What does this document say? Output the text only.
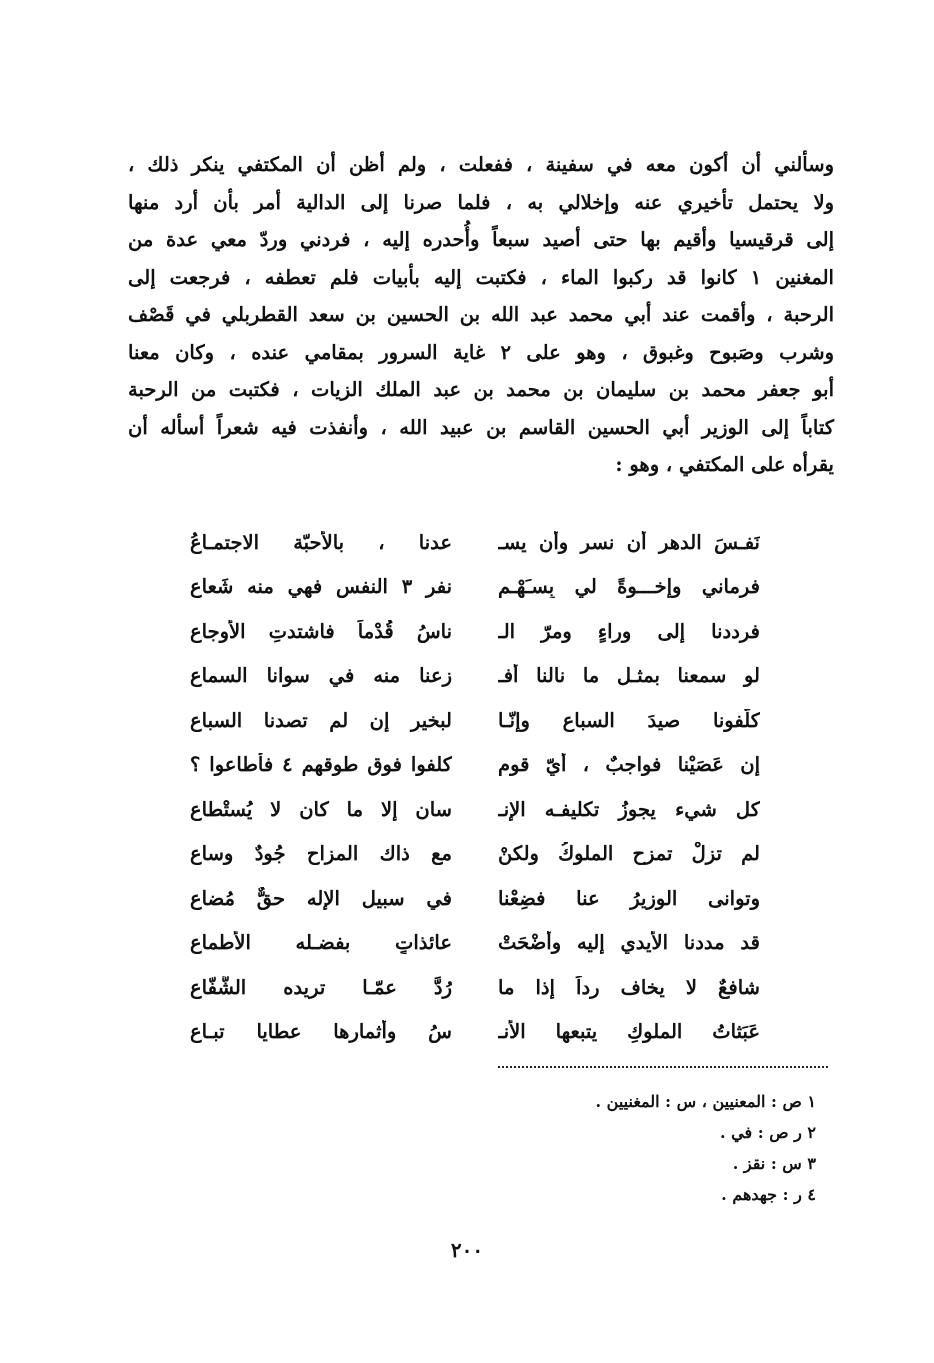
وسألني أن أكون معه في سفينة ، ففعلت ، ولم أظن أن المكتفي ينكر ذلك ،
ولا يحتمل تأخيري عنه وإخلالي به ، فلما صرنا إلى الدالية أمر بأن أرد منها
إلى قرقيسيا وأقيم بها حتى أصيد سبعاً وأُحدره إليه ، فردني وردّ معي عدة من
المغنين ١ كانوا قد ركبوا الماء ، فكتبت إليه بأبيات فلم تعطفه ، فرجعت إلى
الرحبة ، وأقمت عند أبي محمد عبد الله بن الحسين بن سعد القطربلي في قَصْف
وشرب وصَبوح وغبوق ، وهو على ٢ غاية السرور بمقامي عنده ، وكان معنا
أبو جعفر محمد بن سليمان بن محمد بن عبد الملك الزيات ، فكتبت من الرحبة
كتاباً إلى الوزير أبي الحسين القاسم بن عبيد الله ، وأنفذت فيه شعراً أسأله أن
يقرأه على المكتفي ، وهو :
نَفـسَ الدهر أن نسر وأن يسـ
عدنا ، بالأحبّة الاجتمـاعُ
فرماني وإخـــوةً لي بِسـَهْـم
نفر ٣ النفس فهي منه شَعاع
فرددنا إلى وراءٍ ومرّ الـ
ناسُ قُدْماً فاشتدتِ الأوجاع
لو سمعنا بمثـل ما نالنا أفـ
زعنا منه في سوانا السماع
كلّفونا صيدَ السباع وإنّـا
لبخيرٍ إن لم تصدنا السباع
إن عَصَيْنا فواجبٌ ، أيّ قومٍ
كلفوا فوق طوقهم ٤ فأطاعوا ؟
كل شيء يجوزُ تكليفـه الإنـ
سان إلا ما كان لا يُستْطاع
لم تزلْ تمزح الملوكُ ولكنْ
مع ذاك المزاح جُودٌ وساع
وتوانى الوزيرُ عنا فضِعْنا
في سبيل الإله حقٌّ مُضاع
قد مددنا الأيدي إليه وأضْحَتْ
عائذاتٍ بفضـله الأطماع
شافعٌ لا يخاف رداً إذا ما
رُدَّ عمّـا تريده الشُّفّاع
عَبَثاتُ الملوكِ يتبعها الأنـ
سُ وأثمارها عطايا تبـاع
١ ص : المعنيين ، س : المغنيين .
٢ ر ص : في .
٣ س : نقز .
٤ ر : جهدهم .
٢٠٠
